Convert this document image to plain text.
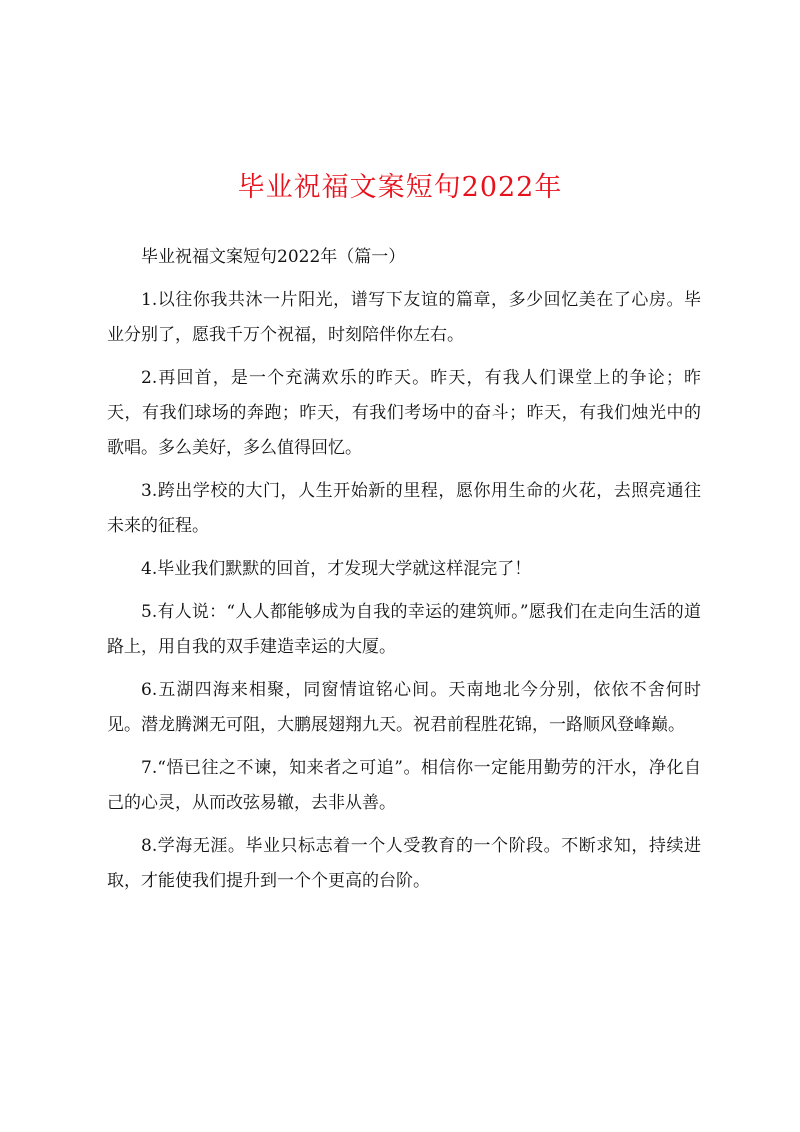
毕业祝福文案短句2022年

毕业祝福文案短句2022年（篇一）

1.以往你我共沐一片阳光，谱写下友谊的篇章，多少回忆美在了心房。毕业分别了，愿我千万个祝福，时刻陪伴你左右。

2.再回首，是一个充满欢乐的昨天。昨天，有我人们课堂上的争论；昨天，有我们球场的奔跑；昨天，有我们考场中的奋斗；昨天，有我们烛光中的歌唱。多么美好，多么值得回忆。

3.跨出学校的大门，人生开始新的里程，愿你用生命的火花，去照亮通往未来的征程。

4.毕业我们默默的回首，才发现大学就这样混完了！

5.有人说：“人人都能够成为自我的幸运的建筑师。”愿我们在走向生活的道路上，用自我的双手建造幸运的大厦。

6.五湖四海来相聚，同窗情谊铭心间。天南地北今分别，依依不舍何时见。潜龙腾渊无可阻，大鹏展翅翔九天。祝君前程胜花锦，一路顺风登峰巅。

7.“悟已往之不谏，知来者之可追”。相信你一定能用勤劳的汗水，净化自己的心灵，从而改弦易辙，去非从善。

8.学海无涯。毕业只标志着一个人受教育的一个阶段。不断求知，持续进取，才能使我们提升到一个个更高的台阶。
